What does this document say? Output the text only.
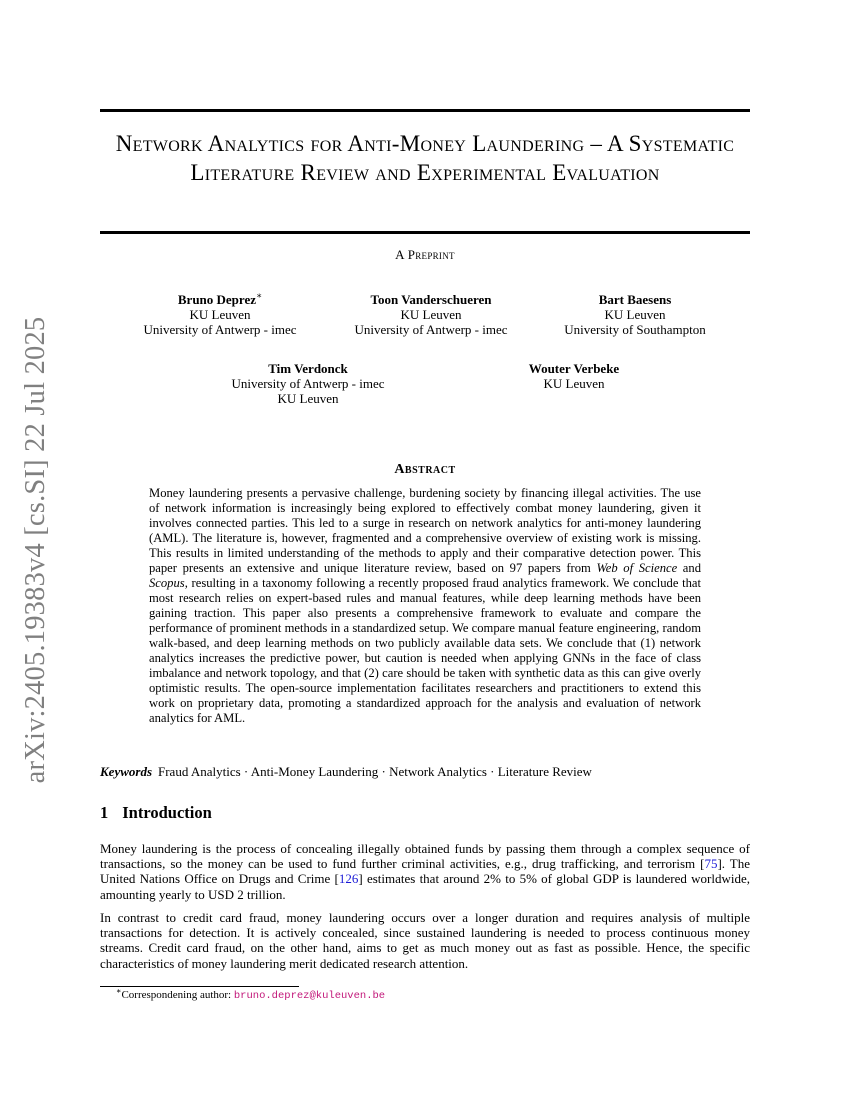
arXiv:2405.19383v4 [cs.SI] 22 Jul 2025
Network Analytics for Anti-Money Laundering – A Systematic Literature Review and Experimental Evaluation
A Preprint
Bruno Deprez∗
KU Leuven
University of Antwerp - imec
Toon Vanderschueren
KU Leuven
University of Antwerp - imec
Bart Baesens
KU Leuven
University of Southampton
Tim Verdonck
University of Antwerp - imec
KU Leuven
Wouter Verbeke
KU Leuven
Abstract
Money laundering presents a pervasive challenge, burdening society by financing illegal activities. The use of network information is increasingly being explored to effectively combat money laundering, given it involves connected parties. This led to a surge in research on network analytics for anti-money laundering (AML). The literature is, however, fragmented and a comprehensive overview of existing work is missing. This results in limited understanding of the methods to apply and their comparative detection power. This paper presents an extensive and unique literature review, based on 97 papers from Web of Science and Scopus, resulting in a taxonomy following a recently proposed fraud analytics framework. We conclude that most research relies on expert-based rules and manual features, while deep learning methods have been gaining traction. This paper also presents a comprehensive framework to evaluate and compare the performance of prominent methods in a standardized setup. We compare manual feature engineering, random walk-based, and deep learning methods on two publicly available data sets. We conclude that (1) network analytics increases the predictive power, but caution is needed when applying GNNs in the face of class imbalance and network topology, and that (2) care should be taken with synthetic data as this can give overly optimistic results. The open-source implementation facilitates researchers and practitioners to extend this work on proprietary data, promoting a standardized approach for the analysis and evaluation of network analytics for AML.
Keywords Fraud Analytics · Anti-Money Laundering · Network Analytics · Literature Review
1 Introduction
Money laundering is the process of concealing illegally obtained funds by passing them through a complex sequence of transactions, so the money can be used to fund further criminal activities, e.g., drug trafficking, and terrorism [75]. The United Nations Office on Drugs and Crime [126] estimates that around 2% to 5% of global GDP is laundered worldwide, amounting yearly to USD 2 trillion.
In contrast to credit card fraud, money laundering occurs over a longer duration and requires analysis of multiple transactions for detection. It is actively concealed, since sustained laundering is needed to process continuous money streams. Credit card fraud, on the other hand, aims to get as much money out as fast as possible. Hence, the specific characteristics of money laundering merit dedicated research attention.
∗Correspondening author: bruno.deprez@kuleuven.be
